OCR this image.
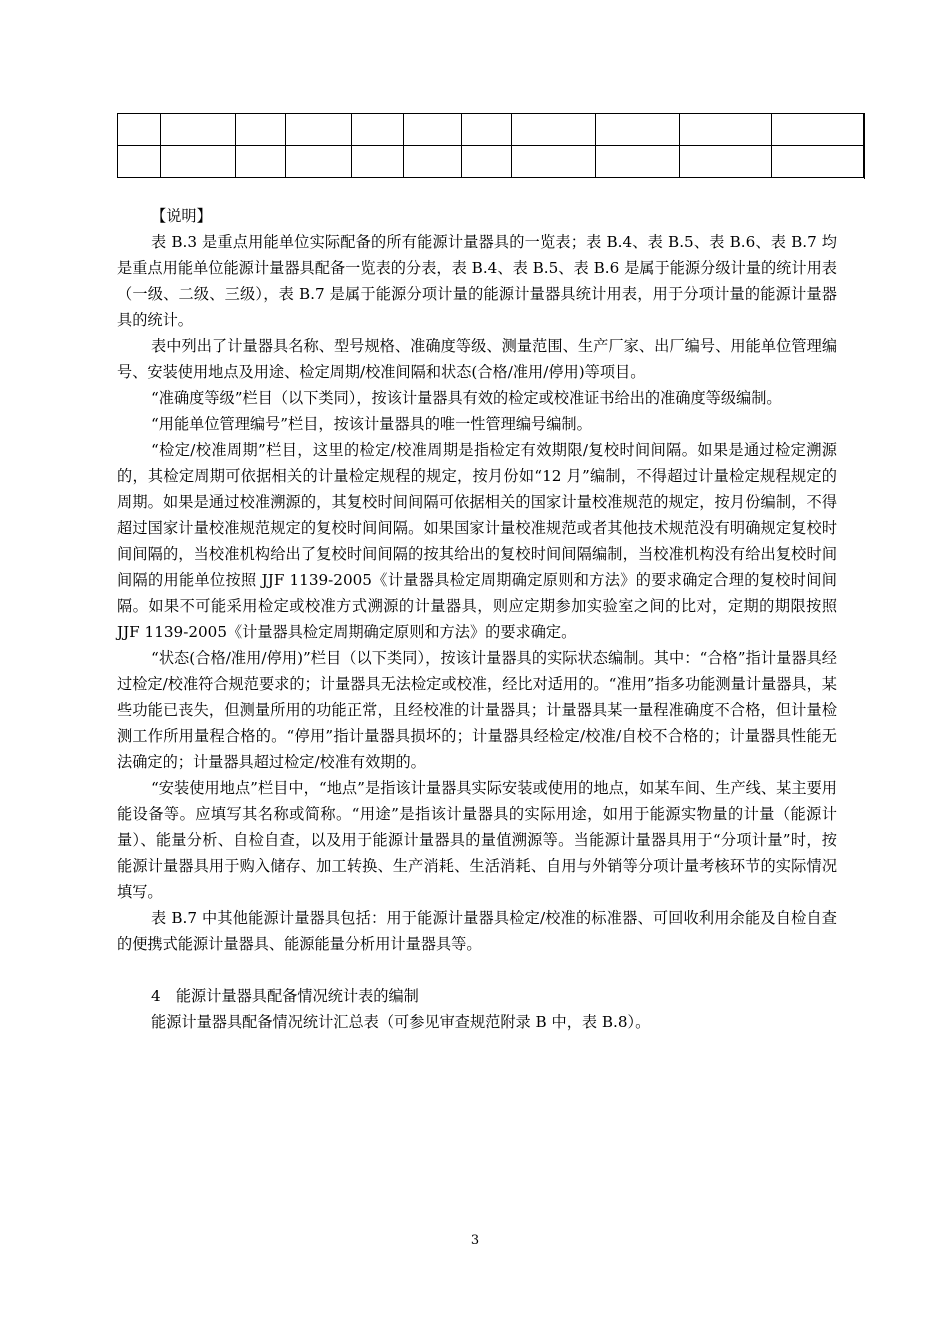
【说明】

表 B.3 是重点用能单位实际配备的所有能源计量器具的一览表；表 B.4、表 B.5、表 B.6、表 B.7 均是重点用能单位能源计量器具配备一览表的分表，表 B.4、表 B.5、表 B.6 是属于能源分级计量的统计用表（一级、二级、三级），表 B.7 是属于能源分项计量的能源计量器具统计用表，用于分项计量的能源计量器具的统计。

表中列出了计量器具名称、型号规格、准确度等级、测量范围、生产厂家、出厂编号、用能单位管理编号、安装使用地点及用途、检定周期/校准间隔和状态(合格/准用/停用)等项目。

“准确度等级”栏目（以下类同），按该计量器具有效的检定或校准证书给出的准确度等级编制。

“用能单位管理编号”栏目，按该计量器具的唯一性管理编号编制。

“检定/校准周期”栏目，这里的检定/校准周期是指检定有效期限/复校时间间隔。如果是通过检定溯源的，其检定周期可依据相关的计量检定规程的规定，按月份如“12 月”编制，不得超过计量检定规程规定的周期。如果是通过校准溯源的，其复校时间间隔可依据相关的国家计量校准规范的规定，按月份编制，不得超过国家计量校准规范规定的复校时间间隔。如果国家计量校准规范或者其他技术规范没有明确规定复校时间间隔的，当校准机构给出了复校时间间隔的按其给出的复校时间间隔编制，当校准机构没有给出复校时间间隔的用能单位按照 JJF 1139-2005《计量器具检定周期确定原则和方法》的要求确定合理的复校时间间隔。如果不可能采用检定或校准方式溯源的计量器具，则应定期参加实验室之间的比对，定期的期限按照 JJF 1139-2005《计量器具检定周期确定原则和方法》的要求确定。

“状态(合格/准用/停用)”栏目（以下类同），按该计量器具的实际状态编制。其中：“合格”指计量器具经过检定/校准符合规范要求的；计量器具无法检定或校准，经比对适用的。“准用”指多功能测量计量器具，某些功能已丧失，但测量所用的功能正常，且经校准的计量器具；计量器具某一量程准确度不合格，但计量检测工作所用量程合格的。“停用”指计量器具损坏的；计量器具经检定/校准/自校不合格的；计量器具性能无法确定的；计量器具超过检定/校准有效期的。

“安装使用地点”栏目中，“地点”是指该计量器具实际安装或使用的地点，如某车间、生产线、某主要用能设备等。应填写其名称或简称。“用途”是指该计量器具的实际用途，如用于能源实物量的计量（能源计量）、能量分析、自检自查，以及用于能源计量器具的量值溯源等。当能源计量器具用于“分项计量”时，按能源计量器具用于购入储存、加工转换、生产消耗、生活消耗、自用与外销等分项计量考核环节的实际情况填写。

表 B.7 中其他能源计量器具包括：用于能源计量器具检定/校准的标准器、可回收利用余能及自检自查的便携式能源计量器具、能源能量分析用计量器具等。

4　能源计量器具配备情况统计表的编制

能源计量器具配备情况统计汇总表（可参见审查规范附录 B 中，表 B.8）。

3
